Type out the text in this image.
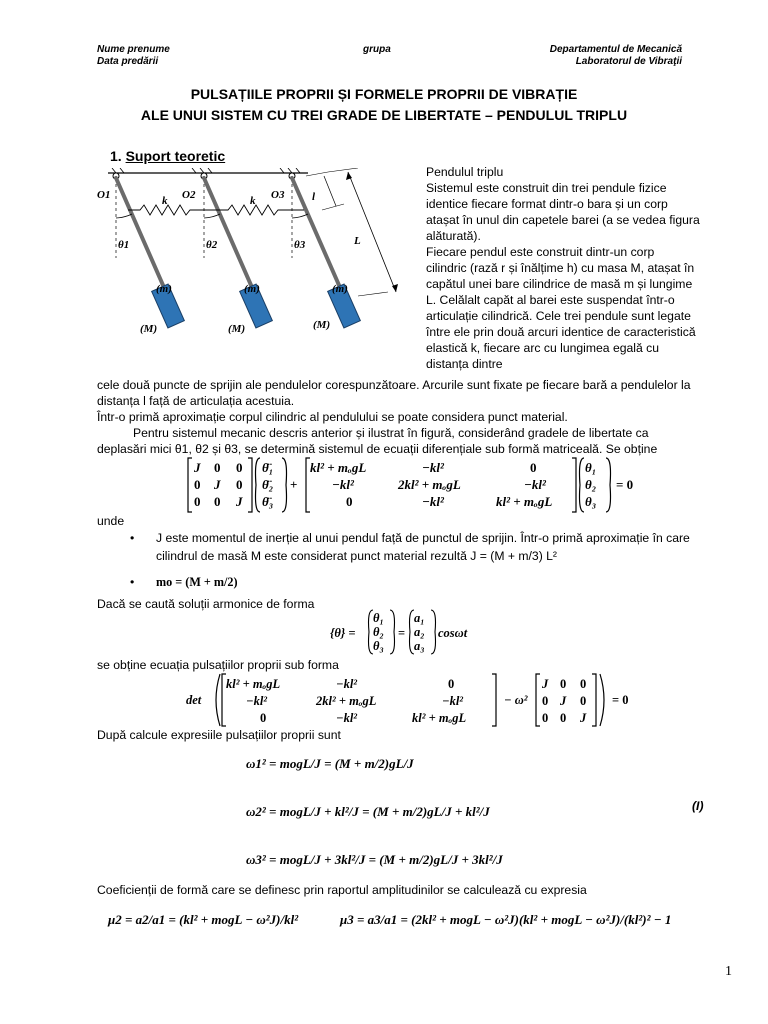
Nume prenume
Data predării
grupa	Departamentul de Mecanică
Laboratorul de Vibraţii
PULSAȚIILE PROPRII ȘI FORMELE PROPRII DE VIBRAȚIE
ALE UNUI SISTEM CU TREI GRADE DE LIBERTATE – PENDULUL TRIPLU
1. Suport teoretic
O1	O2	O3
k	k	l
L
θ1	θ2	θ3
(m)	(m)	(m)
(M)	(M)	(M)
Pendulul triplu
Sistemul este construit din trei pendule fizice
identice fiecare format dintr-o bara și un corp
atașat în unul din capetele barei (a se vedea figura
alăturată).
Fiecare pendul este construit dintr-un corp
cilindric (rază r și înălțime h) cu masa M, atașat în
capătul unei bare cilindrice de masă m și lungime
L. Celălalt capăt al barei este suspendat într-o
articulație cilindrică. Cele trei pendule sunt legate
între ele prin două arcuri identice de caracteristică
elastică k, fiecare arc cu lungimea egală cu
distanța dintre
cele două puncte de sprijin ale pendulelor corespunzătoare. Arcurile sunt fixate pe fiecare bară a pendulelor la
distanța l față de articulația acestuia.
Într-o primă aproximație corpul cilindric al pendulului se poate considera punct material.
Pentru sistemul mecanic descris anterior și ilustrat în figură, considerând gradele de libertate ca
deplasări mici θ1, θ2 și θ3, se determină sistemul de ecuații diferențiale sub formă matriceală. Se obține
J 0 0
0 J 0
0 0 J
θ̈₁
θ̈₂
θ̈₃
+
kl² + mₒgL	−kl²	0
−kl²	2kl² + mₒgL	−kl²
0	−kl²	kl² + mₒgL
θ₁
θ₂
θ₃
= 0
unde
• J este momentul de inerție al unui pendul față de punctul de sprijin. Într-o primă aproximație în care
cilindrul de masă M este considerat punct material rezultă J = (M + m/3) L²
• mo = (M + m/2)
Dacă se caută soluții armonice de forma
{θ} =
θ₁
θ₂
θ₃
=
a₁
a₂
a₃
cosωt
se obține ecuația pulsațiilor proprii sub forma
det
kl² + mₒgL	−kl²	0
−kl²	2kl² + mₒgL	−kl²
0	−kl²	kl² + mₒgL
− ω²
J 0 0
0 J 0
0 0 J
= 0
După calcule expresiile pulsațiilor proprii sunt
ω1² = mogL/J = (M + m/2)gL/J
ω2² = mogL/J + kl²/J = (M + m/2)gL/J + kl²/J
ω3² = mogL/J + 3kl²/J = (M + m/2)gL/J + 3kl²/J
(I)
Coeficienții de formă care se definesc prin raportul amplitudinilor se calculează cu expresia
μ2 = a2/a1 = (kl² + mogL − ω²J)/kl²	μ3 = a3/a1 = (2kl² + mogL − ω²J)(kl² + mogL − ω²J)/(kl²)² − 1
1
